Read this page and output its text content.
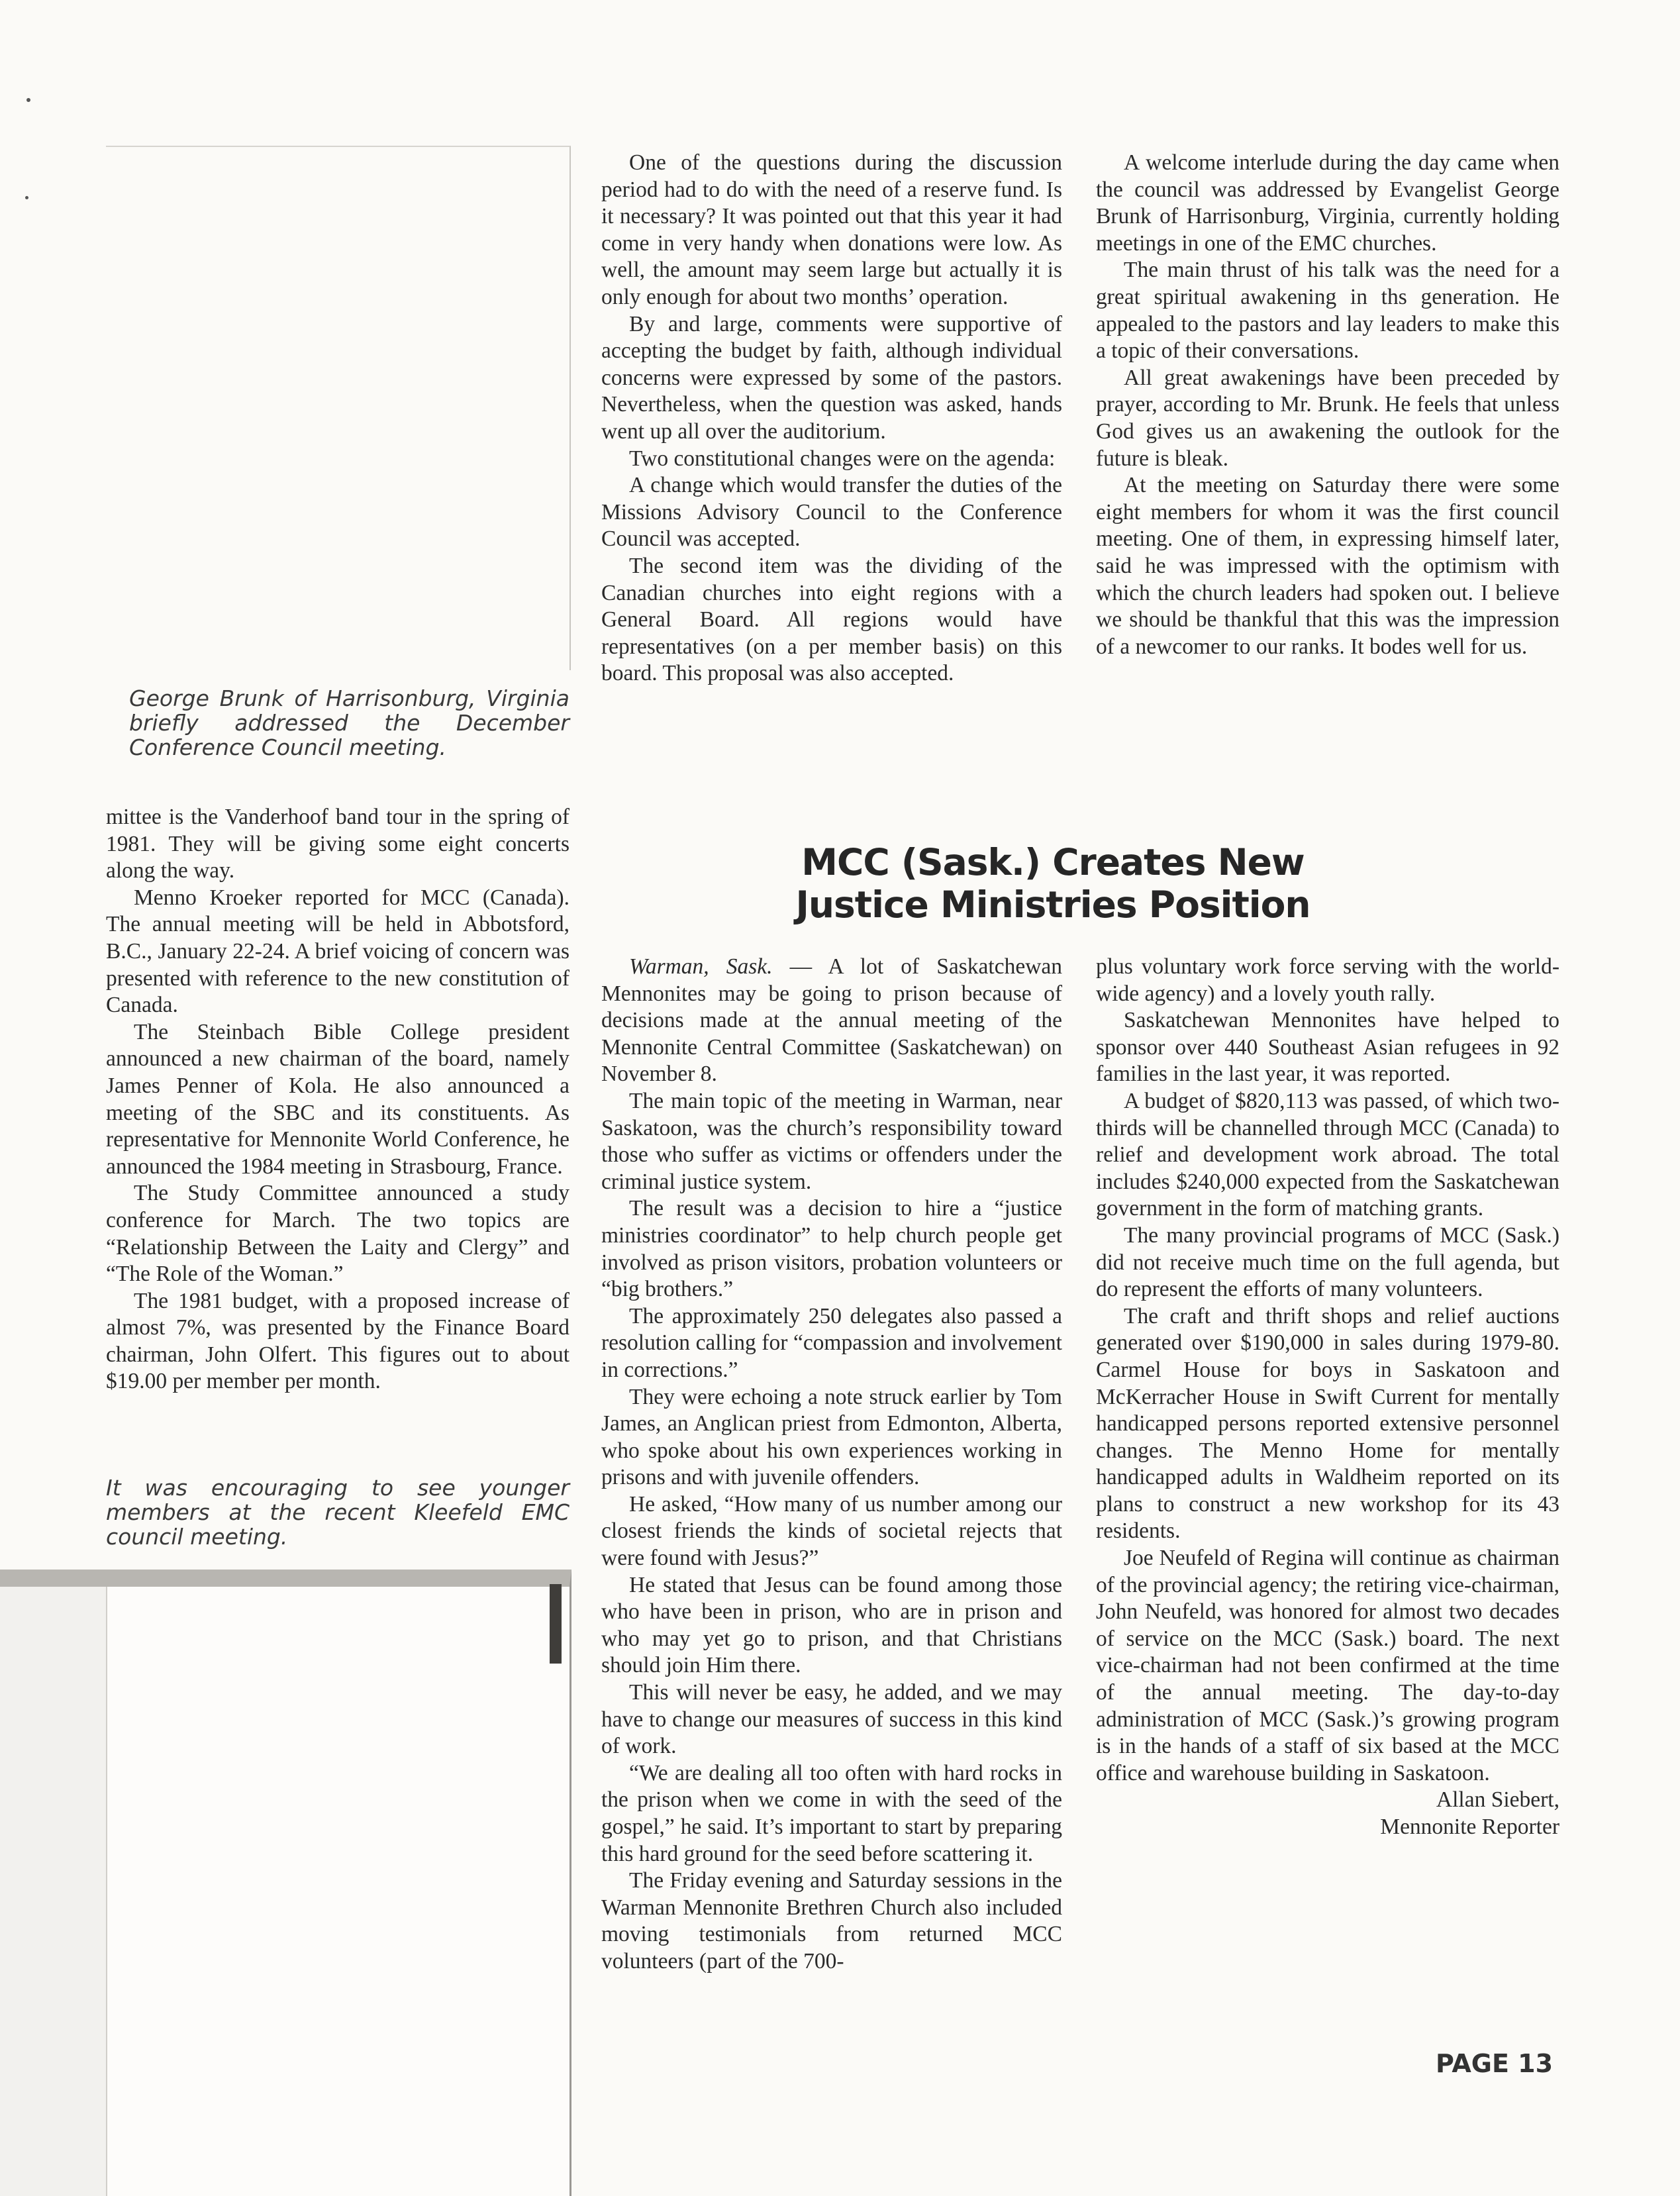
George Brunk of Harrisonburg, Virginia briefly addressed the December Conference Council meeting.

mittee is the Vanderhoof band tour in the spring of 1981. They will be giving some eight concerts along the way.

Menno Kroeker reported for MCC (Canada). The annual meeting will be held in Abbotsford, B.C., January 22-24. A brief voicing of concern was presented with reference to the new constitution of Canada.

The Steinbach Bible College president announced a new chairman of the board, namely James Penner of Kola. He also announced a meeting of the SBC and its constituents. As representative for Mennonite World Conference, he announced the 1984 meeting in Strasbourg, France.

The Study Committee announced a study conference for March. The two topics are “Relationship Between the Laity and Clergy” and “The Role of the Woman.”

The 1981 budget, with a proposed increase of almost 7%, was presented by the Finance Board chairman, John Olfert. This figures out to about $19.00 per member per month.

It was encouraging to see younger members at the recent Kleefeld EMC council meeting.

One of the questions during the discussion period had to do with the need of a reserve fund. Is it necessary? It was pointed out that this year it had come in very handy when donations were low. As well, the amount may seem large but actually it is only enough for about two months’ operation.

By and large, comments were supportive of accepting the budget by faith, although individual concerns were expressed by some of the pastors. Nevertheless, when the question was asked, hands went up all over the auditorium.

Two constitutional changes were on the agenda:

A change which would transfer the duties of the Missions Advisory Council to the Conference Council was accepted.

The second item was the dividing of the Canadian churches into eight regions with a General Board. All regions would have representatives (on a per member basis) on this board. This proposal was also accepted.

A welcome interlude during the day came when the council was addressed by Evangelist George Brunk of Harrisonburg, Virginia, currently holding meetings in one of the EMC churches.

The main thrust of his talk was the need for a great spiritual awakening in ths generation. He appealed to the pastors and lay leaders to make this a topic of their conversations.

All great awakenings have been preceded by prayer, according to Mr. Brunk. He feels that unless God gives us an awakening the outlook for the future is bleak.

At the meeting on Saturday there were some eight members for whom it was the first council meeting. One of them, in expressing himself later, said he was impressed with the optimism with which the church leaders had spoken out. I believe we should be thankful that this was the impression of a newcomer to our ranks. It bodes well for us.

MCC (Sask.) Creates New
Justice Ministries Position

Warman, Sask. — A lot of Saskatchewan Mennonites may be going to prison because of decisions made at the annual meeting of the Mennonite Central Committee (Saskatchewan) on November 8.

The main topic of the meeting in Warman, near Saskatoon, was the church’s responsibility toward those who suffer as victims or offenders under the criminal justice system.

The result was a decision to hire a “justice ministries coordinator” to help church people get involved as prison visitors, probation volunteers or “big brothers.”

The approximately 250 delegates also passed a resolution calling for “compassion and involvement in corrections.”

They were echoing a note struck earlier by Tom James, an Anglican priest from Edmonton, Alberta, who spoke about his own experiences working in prisons and with juvenile offenders.

He asked, “How many of us number among our closest friends the kinds of societal rejects that were found with Jesus?”

He stated that Jesus can be found among those who have been in prison, who are in prison and who may yet go to prison, and that Christians should join Him there.

This will never be easy, he added, and we may have to change our measures of success in this kind of work.

“We are dealing all too often with hard rocks in the prison when we come in with the seed of the gospel,” he said. It’s important to start by preparing this hard ground for the seed before scattering it.

The Friday evening and Saturday sessions in the Warman Mennonite Brethren Church also included moving testimonials from returned MCC volunteers (part of the 700-

plus voluntary work force serving with the world-wide agency) and a lovely youth rally.

Saskatchewan Mennonites have helped to sponsor over 440 Southeast Asian refugees in 92 families in the last year, it was reported.

A budget of $820,113 was passed, of which two-thirds will be channelled through MCC (Canada) to relief and development work abroad. The total includes $240,000 expected from the Saskatchewan government in the form of matching grants.

The many provincial programs of MCC (Sask.) did not receive much time on the full agenda, but do represent the efforts of many volunteers.

The craft and thrift shops and relief auctions generated over $190,000 in sales during 1979-80. Carmel House for boys in Saskatoon and McKerracher House in Swift Current for mentally handicapped persons reported extensive personnel changes. The Menno Home for mentally handicapped adults in Waldheim reported on its plans to construct a new workshop for its 43 residents.

Joe Neufeld of Regina will continue as chairman of the provincial agency; the retiring vice-chairman, John Neufeld, was honored for almost two decades of service on the MCC (Sask.) board. The next vice-chairman had not been confirmed at the time of the annual meeting. The day-to-day administration of MCC (Sask.)’s growing program is in the hands of a staff of six based at the MCC office and warehouse building in Saskatoon.

Allan Siebert,

Mennonite Reporter

PAGE 13
